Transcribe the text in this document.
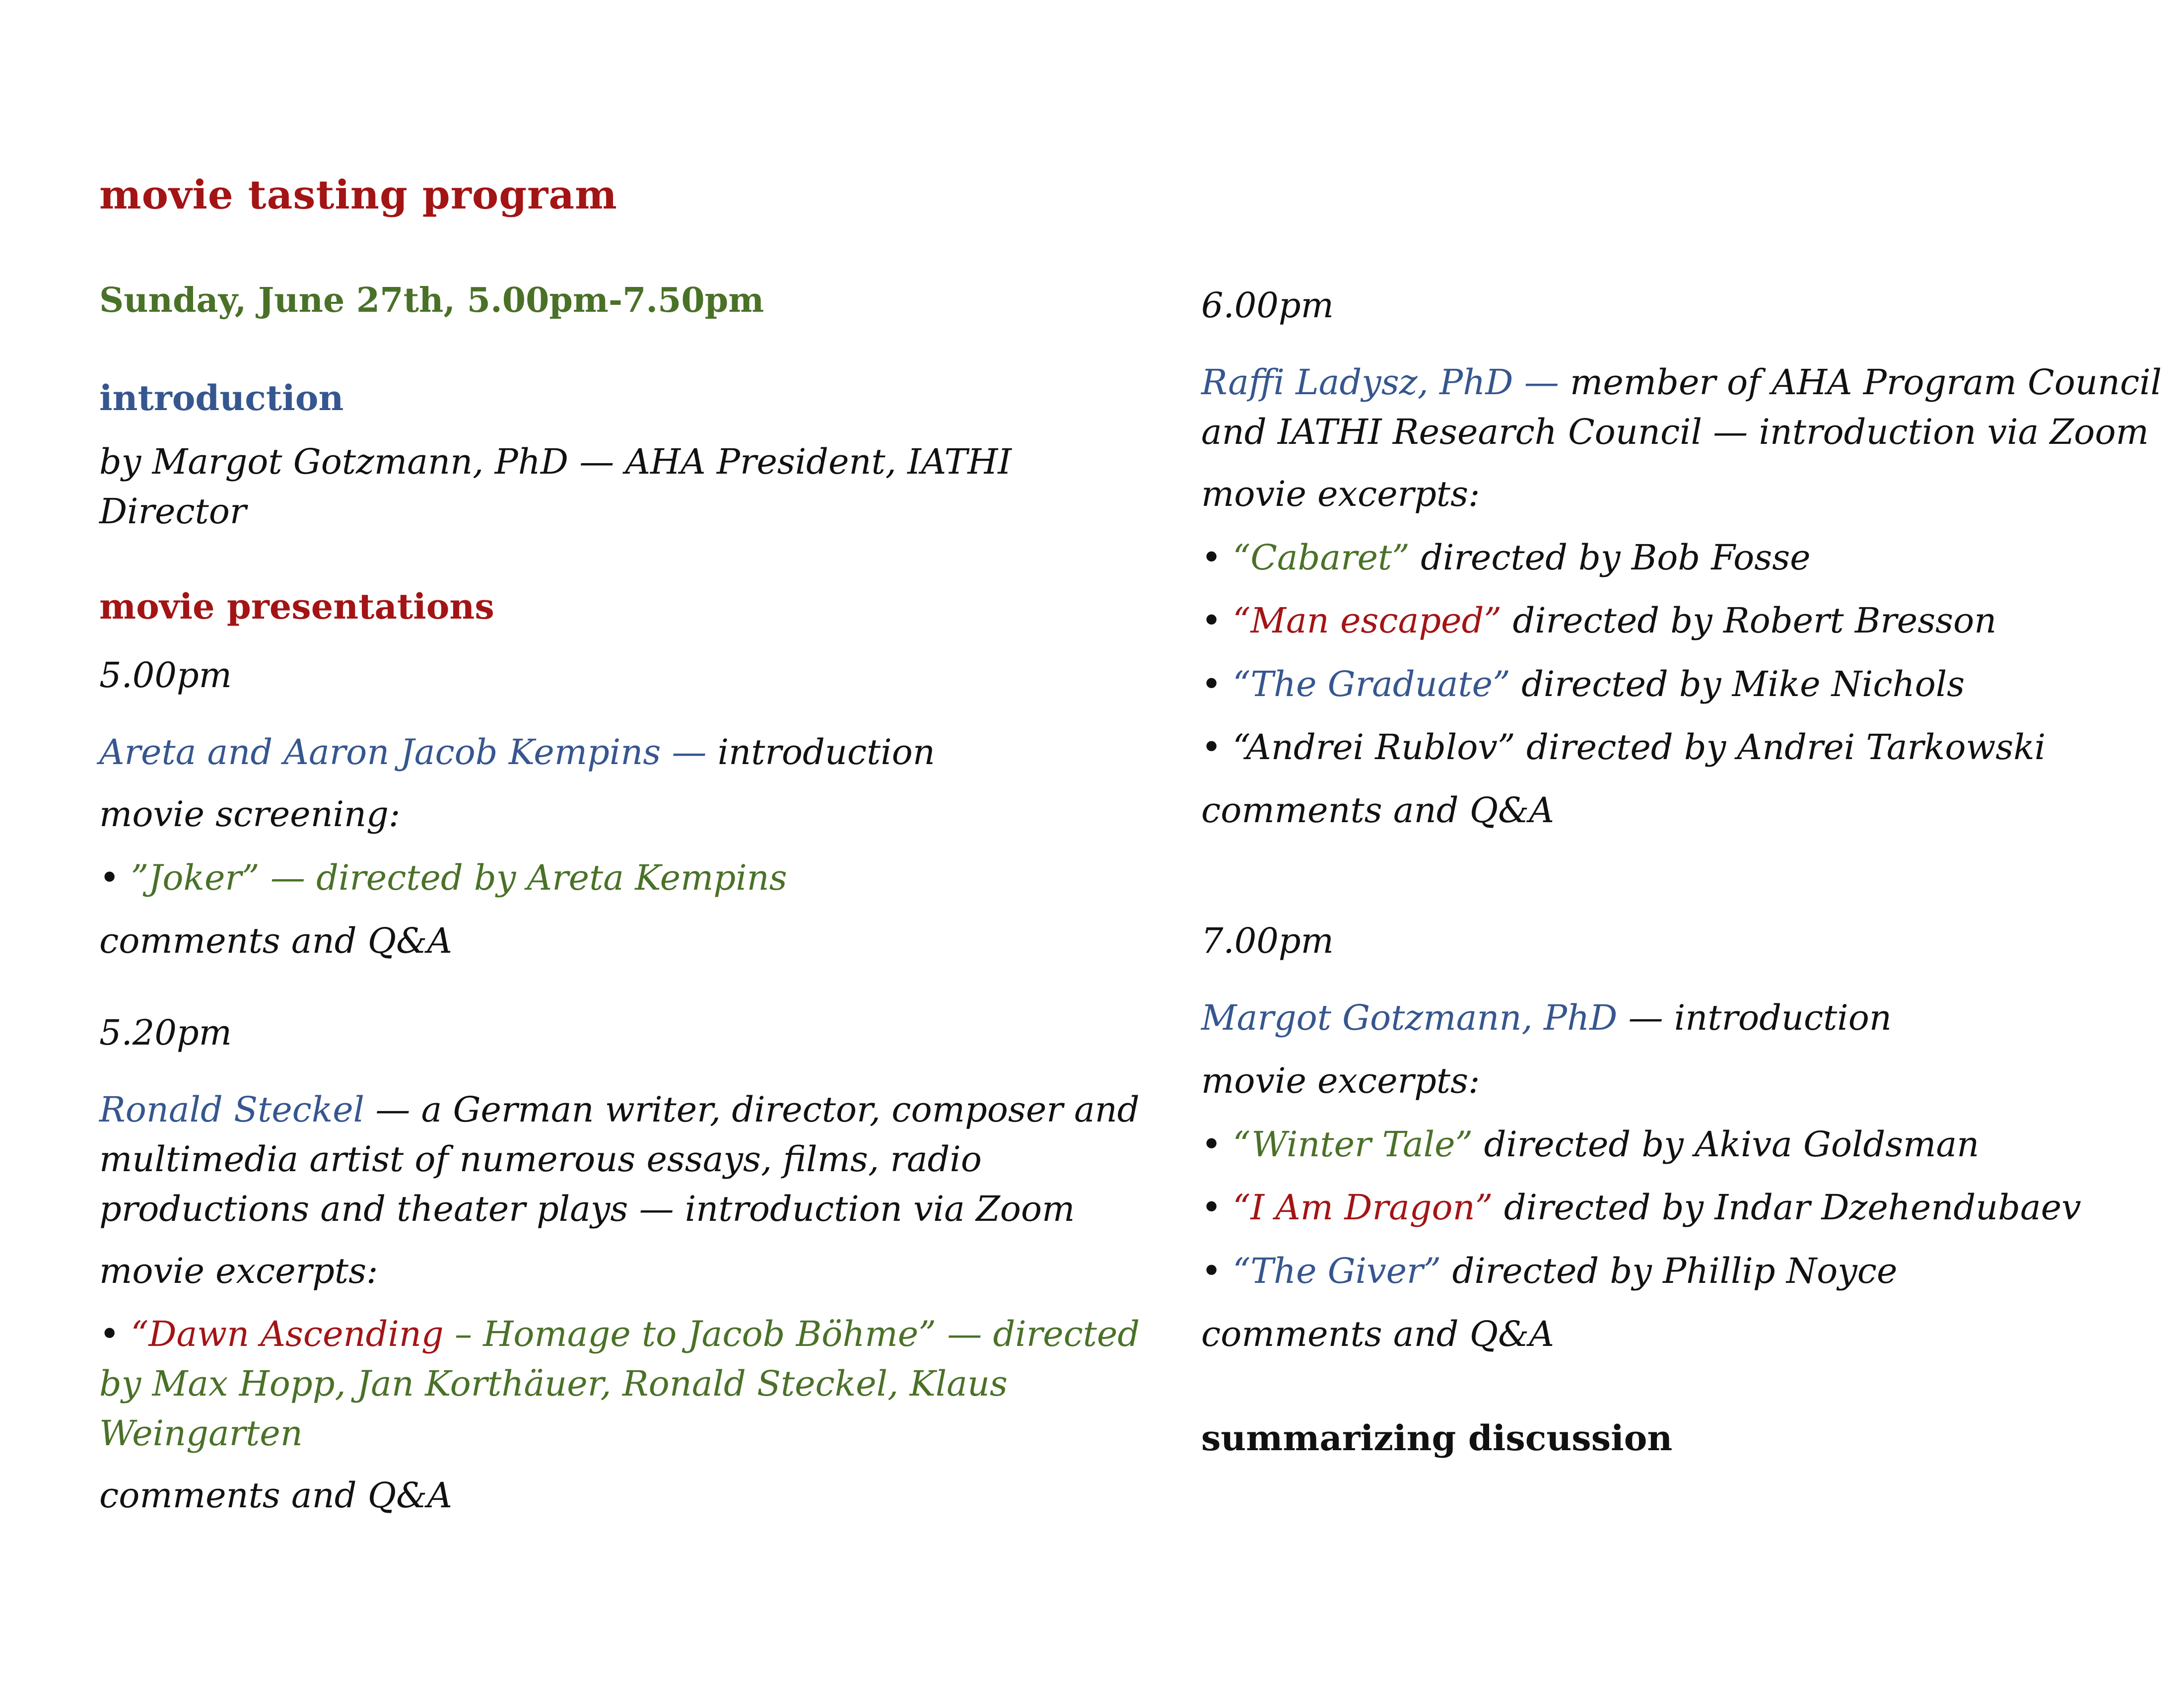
movie tasting program
Sunday, June 27th, 5.00pm-7.50pm
introduction
by Margot Gotzmann, PhD — AHA President, IATHI
Director
movie presentations
5.00pm
Areta and Aaron Jacob Kempins — introduction
movie screening:
• ”Joker” — directed by Areta Kempins
comments and Q&A
5.20pm
Ronald Steckel — a German writer, director, composer and
multimedia artist of numerous essays, films, radio
productions and theater plays — introduction via Zoom
movie excerpts:
• “Dawn Ascending – Homage to Jacob Böhme” — directed
by Max Hopp, Jan Korthäuer, Ronald Steckel, Klaus
Weingarten
comments and Q&A
6.00pm
Raffi Ladysz, PhD — member of AHA Program Council
and IATHI Research Council — introduction via Zoom
movie excerpts:
• “Cabaret” directed by Bob Fosse
• “Man escaped” directed by Robert Bresson
• “The Graduate” directed by Mike Nichols
• “Andrei Rublov” directed by Andrei Tarkowski
comments and Q&A
7.00pm
Margot Gotzmann, PhD — introduction
movie excerpts:
• “Winter Tale” directed by Akiva Goldsman
• “I Am Dragon” directed by Indar Dzehendubaev
• “The Giver” directed by Phillip Noyce
comments and Q&A
summarizing discussion
